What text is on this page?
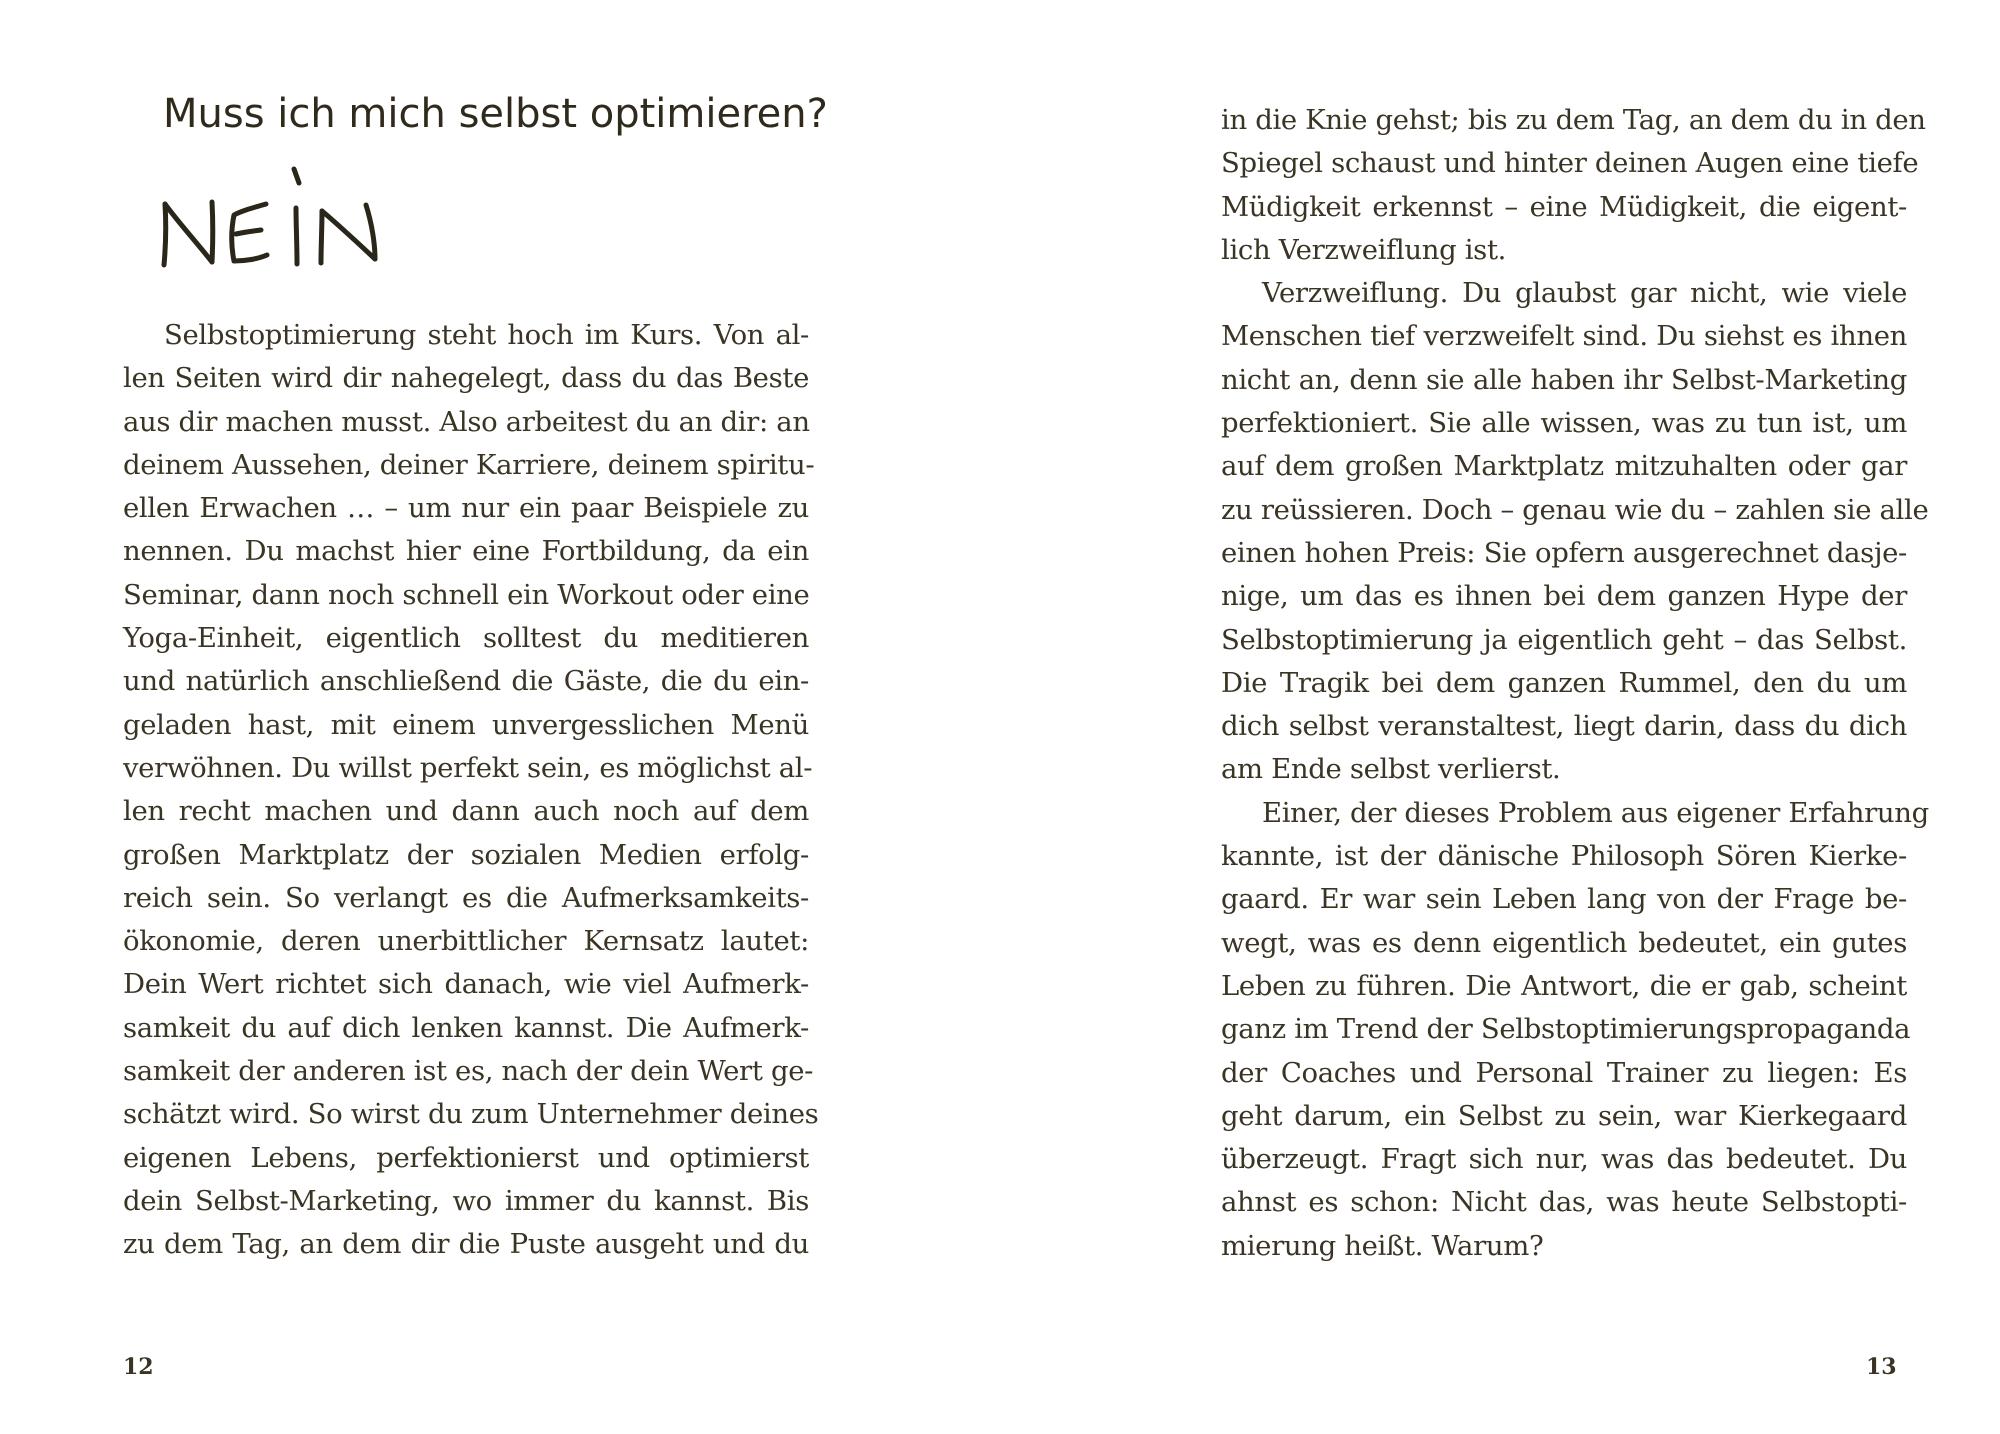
Muss ich mich selbst optimieren?
Selbstoptimierung steht hoch im Kurs. Von al-
len Seiten wird dir nahegelegt, dass du das Beste
aus dir machen musst. Also arbeitest du an dir: an
deinem Aussehen, deiner Karriere, deinem spiritu-
ellen Erwachen … – um nur ein paar Beispiele zu
nennen. Du machst hier eine Fortbildung, da ein
Seminar, dann noch schnell ein Workout oder eine
Yoga-Einheit, eigentlich solltest du meditieren
und natürlich anschließend die Gäste, die du ein-
geladen hast, mit einem unvergesslichen Menü
verwöhnen. Du willst perfekt sein, es möglichst al-
len recht machen und dann auch noch auf dem
großen Marktplatz der sozialen Medien erfolg-
reich sein. So verlangt es die Aufmerksamkeits-
ökonomie, deren unerbittlicher Kernsatz lautet:
Dein Wert richtet sich danach, wie viel Aufmerk-
samkeit du auf dich lenken kannst. Die Aufmerk-
samkeit der anderen ist es, nach der dein Wert ge-
schätzt wird. So wirst du zum Unternehmer deines
eigenen Lebens, perfektionierst und optimierst
dein Selbst-Marketing, wo immer du kannst. Bis
zu dem Tag, an dem dir die Puste ausgeht und du

12

in die Knie gehst; bis zu dem Tag, an dem du in den
Spiegel schaust und hinter deinen Augen eine tiefe
Müdigkeit erkennst – eine Müdigkeit, die eigent-
lich Verzweiflung ist.
Verzweiflung. Du glaubst gar nicht, wie viele
Menschen tief verzweifelt sind. Du siehst es ihnen
nicht an, denn sie alle haben ihr Selbst-Marketing
perfektioniert. Sie alle wissen, was zu tun ist, um
auf dem großen Marktplatz mitzuhalten oder gar
zu reüssieren. Doch – genau wie du – zahlen sie alle
einen hohen Preis: Sie opfern ausgerechnet dasje-
nige, um das es ihnen bei dem ganzen Hype der
Selbstoptimierung ja eigentlich geht – das Selbst.
Die Tragik bei dem ganzen Rummel, den du um
dich selbst veranstaltest, liegt darin, dass du dich
am Ende selbst verlierst.
Einer, der dieses Problem aus eigener Erfahrung
kannte, ist der dänische Philosoph Sören Kierke-
gaard. Er war sein Leben lang von der Frage be-
wegt, was es denn eigentlich bedeutet, ein gutes
Leben zu führen. Die Antwort, die er gab, scheint
ganz im Trend der Selbstoptimierungspropaganda
der Coaches und Personal Trainer zu liegen: Es
geht darum, ein Selbst zu sein, war Kierkegaard
überzeugt. Fragt sich nur, was das bedeutet. Du
ahnst es schon: Nicht das, was heute Selbstopti-
mierung heißt. Warum?

13
